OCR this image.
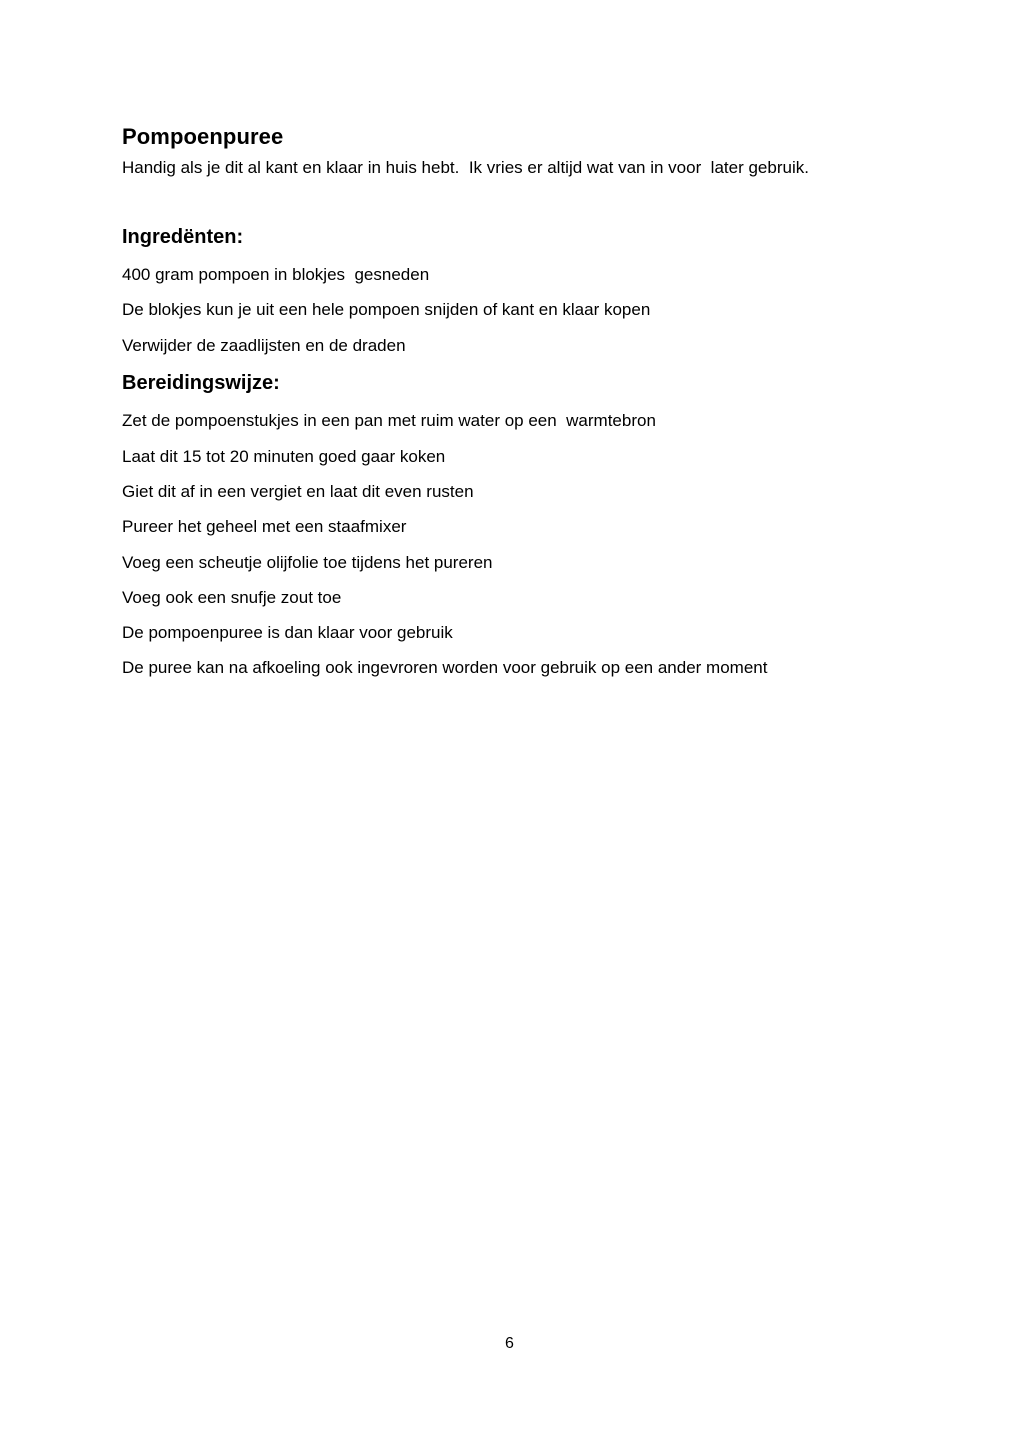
Pompoenpuree

Handig als je dit al kant en klaar in huis hebt.  Ik vries er altijd wat van in voor  later gebruik.

Ingredënten:

400 gram pompoen in blokjes  gesneden

De blokjes kun je uit een hele pompoen snijden of kant en klaar kopen

Verwijder de zaadlijsten en de draden

Bereidingswijze:

Zet de pompoenstukjes in een pan met ruim water op een  warmtebron

Laat dit 15 tot 20 minuten goed gaar koken

Giet dit af in een vergiet en laat dit even rusten

Pureer het geheel met een staafmixer

Voeg een scheutje olijfolie toe tijdens het pureren

Voeg ook een snufje zout toe

De pompoenpuree is dan klaar voor gebruik

De puree kan na afkoeling ook ingevroren worden voor gebruik op een ander moment

6
